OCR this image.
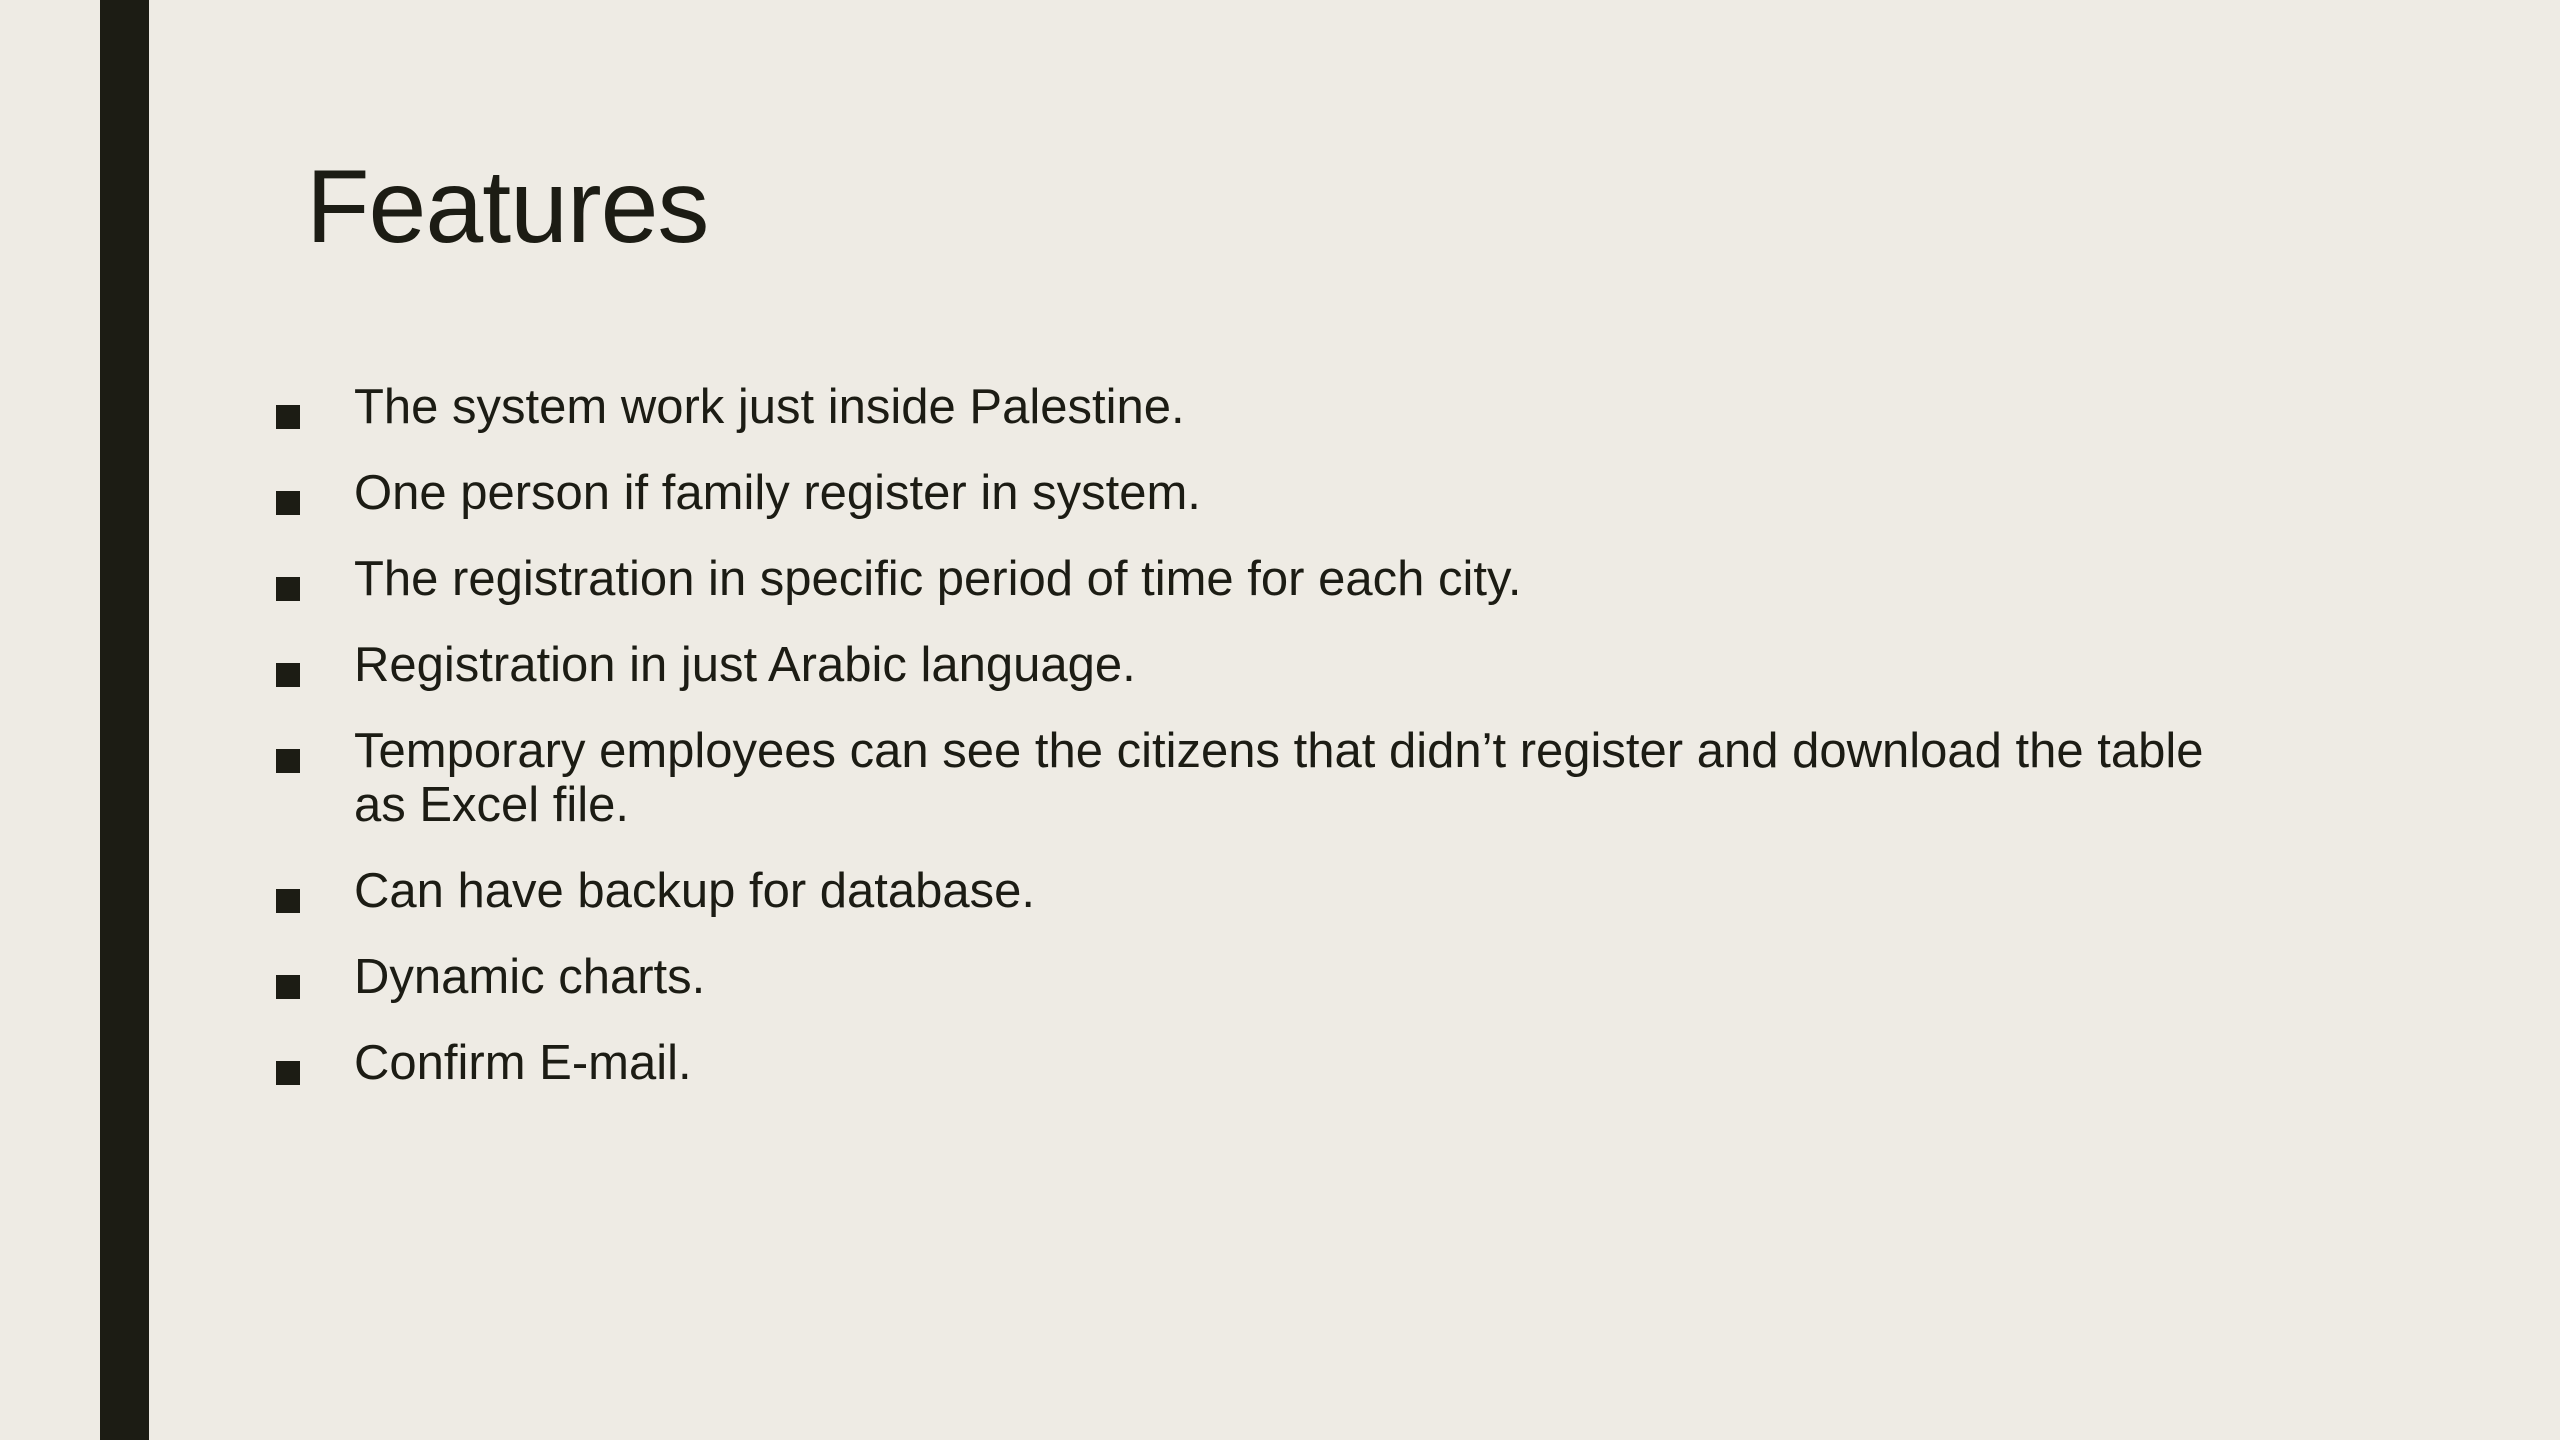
Features
The system work just inside Palestine.
One person if family register in system.
The registration in specific period of time for each city.
Registration in just Arabic language.
Temporary employees can see the citizens that didn’t register and download the table as Excel file.
Can have backup for database.
Dynamic charts.
Confirm E-mail.
